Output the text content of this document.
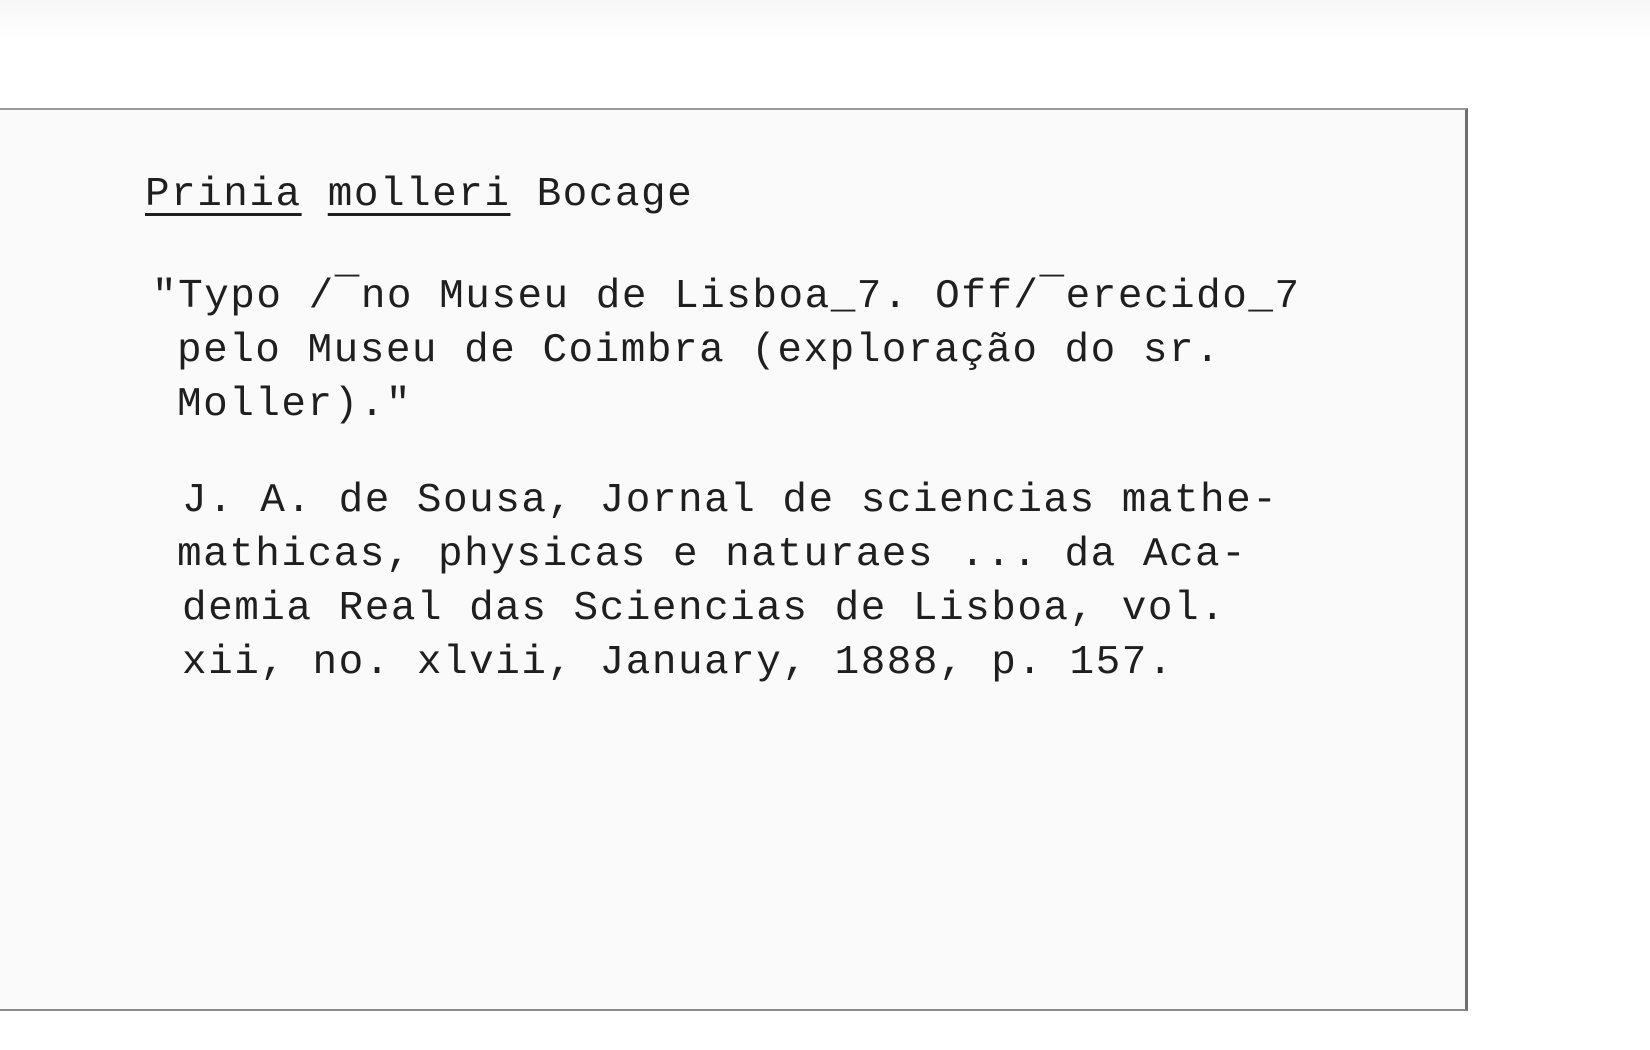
Prinia molleri Bocage

"Typo /¯no Museu de Lisboa_7. Off/¯erecido_7

pelo Museu de Coimbra (exploração do sr.

Moller)."

J. A. de Sousa, Jornal de sciencias mathe-

mathicas, physicas e naturaes ... da Aca-

demia Real das Sciencias de Lisboa, vol.

xii, no. xlvii, January, 1888, p. 157.
